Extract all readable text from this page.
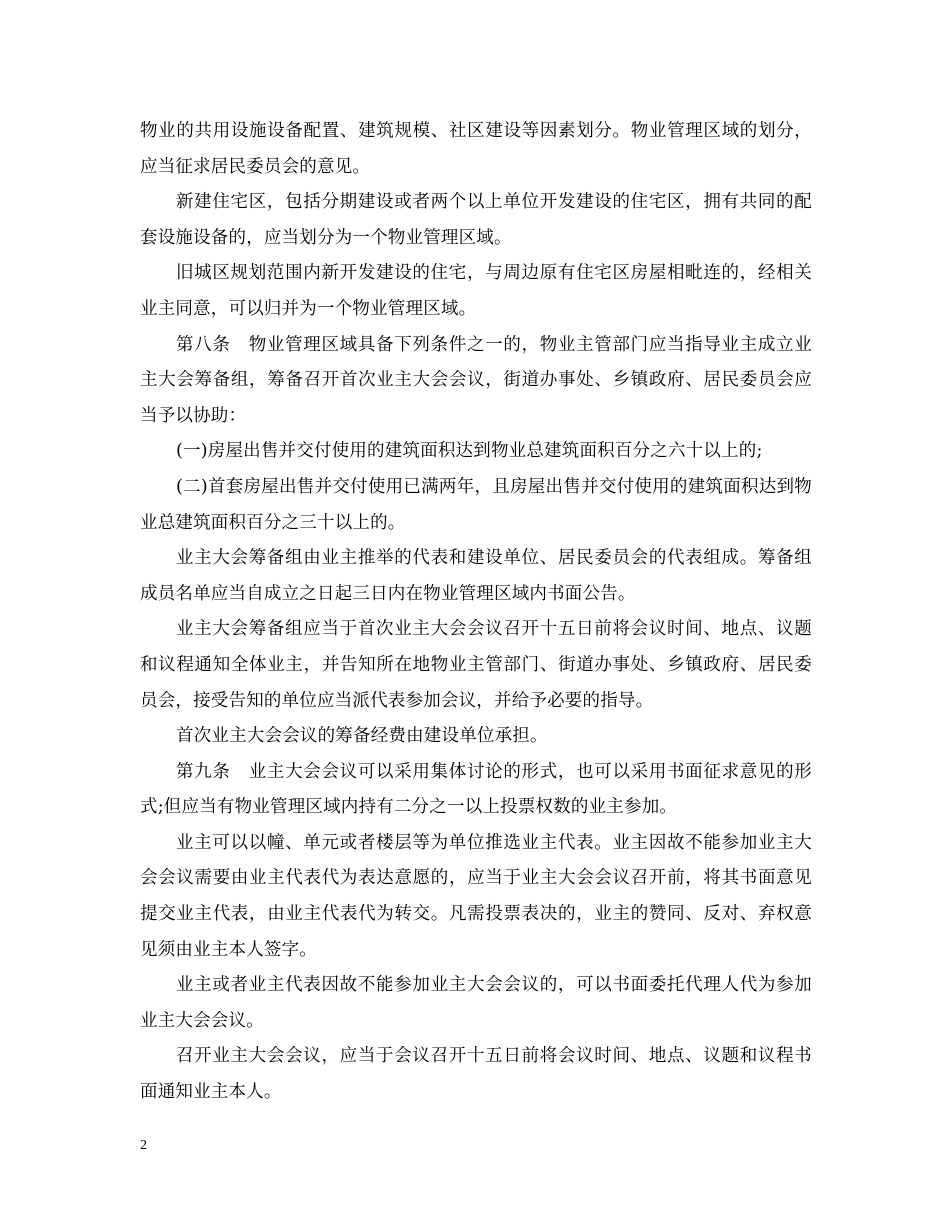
物业的共用设施设备配置、建筑规模、社区建设等因素划分。物业管理区域的划分，应当征求居民委员会的意见。

新建住宅区，包括分期建设或者两个以上单位开发建设的住宅区，拥有共同的配套设施设备的，应当划分为一个物业管理区域。

旧城区规划范围内新开发建设的住宅，与周边原有住宅区房屋相毗连的，经相关业主同意，可以归并为一个物业管理区域。

第八条　物业管理区域具备下列条件之一的，物业主管部门应当指导业主成立业主大会筹备组，筹备召开首次业主大会会议，街道办事处、乡镇政府、居民委员会应当予以协助：

(一)房屋出售并交付使用的建筑面积达到物业总建筑面积百分之六十以上的;

(二)首套房屋出售并交付使用已满两年，且房屋出售并交付使用的建筑面积达到物业总建筑面积百分之三十以上的。

业主大会筹备组由业主推举的代表和建设单位、居民委员会的代表组成。筹备组成员名单应当自成立之日起三日内在物业管理区域内书面公告。

业主大会筹备组应当于首次业主大会会议召开十五日前将会议时间、地点、议题和议程通知全体业主，并告知所在地物业主管部门、街道办事处、乡镇政府、居民委员会，接受告知的单位应当派代表参加会议，并给予必要的指导。

首次业主大会会议的筹备经费由建设单位承担。

第九条　业主大会会议可以采用集体讨论的形式，也可以采用书面征求意见的形式;但应当有物业管理区域内持有二分之一以上投票权数的业主参加。

业主可以以幢、单元或者楼层等为单位推选业主代表。业主因故不能参加业主大会会议需要由业主代表代为表达意愿的，应当于业主大会会议召开前，将其书面意见提交业主代表，由业主代表代为转交。凡需投票表决的，业主的赞同、反对、弃权意见须由业主本人签字。

业主或者业主代表因故不能参加业主大会会议的，可以书面委托代理人代为参加业主大会会议。

召开业主大会会议，应当于会议召开十五日前将会议时间、地点、议题和议程书面通知业主本人。

2
